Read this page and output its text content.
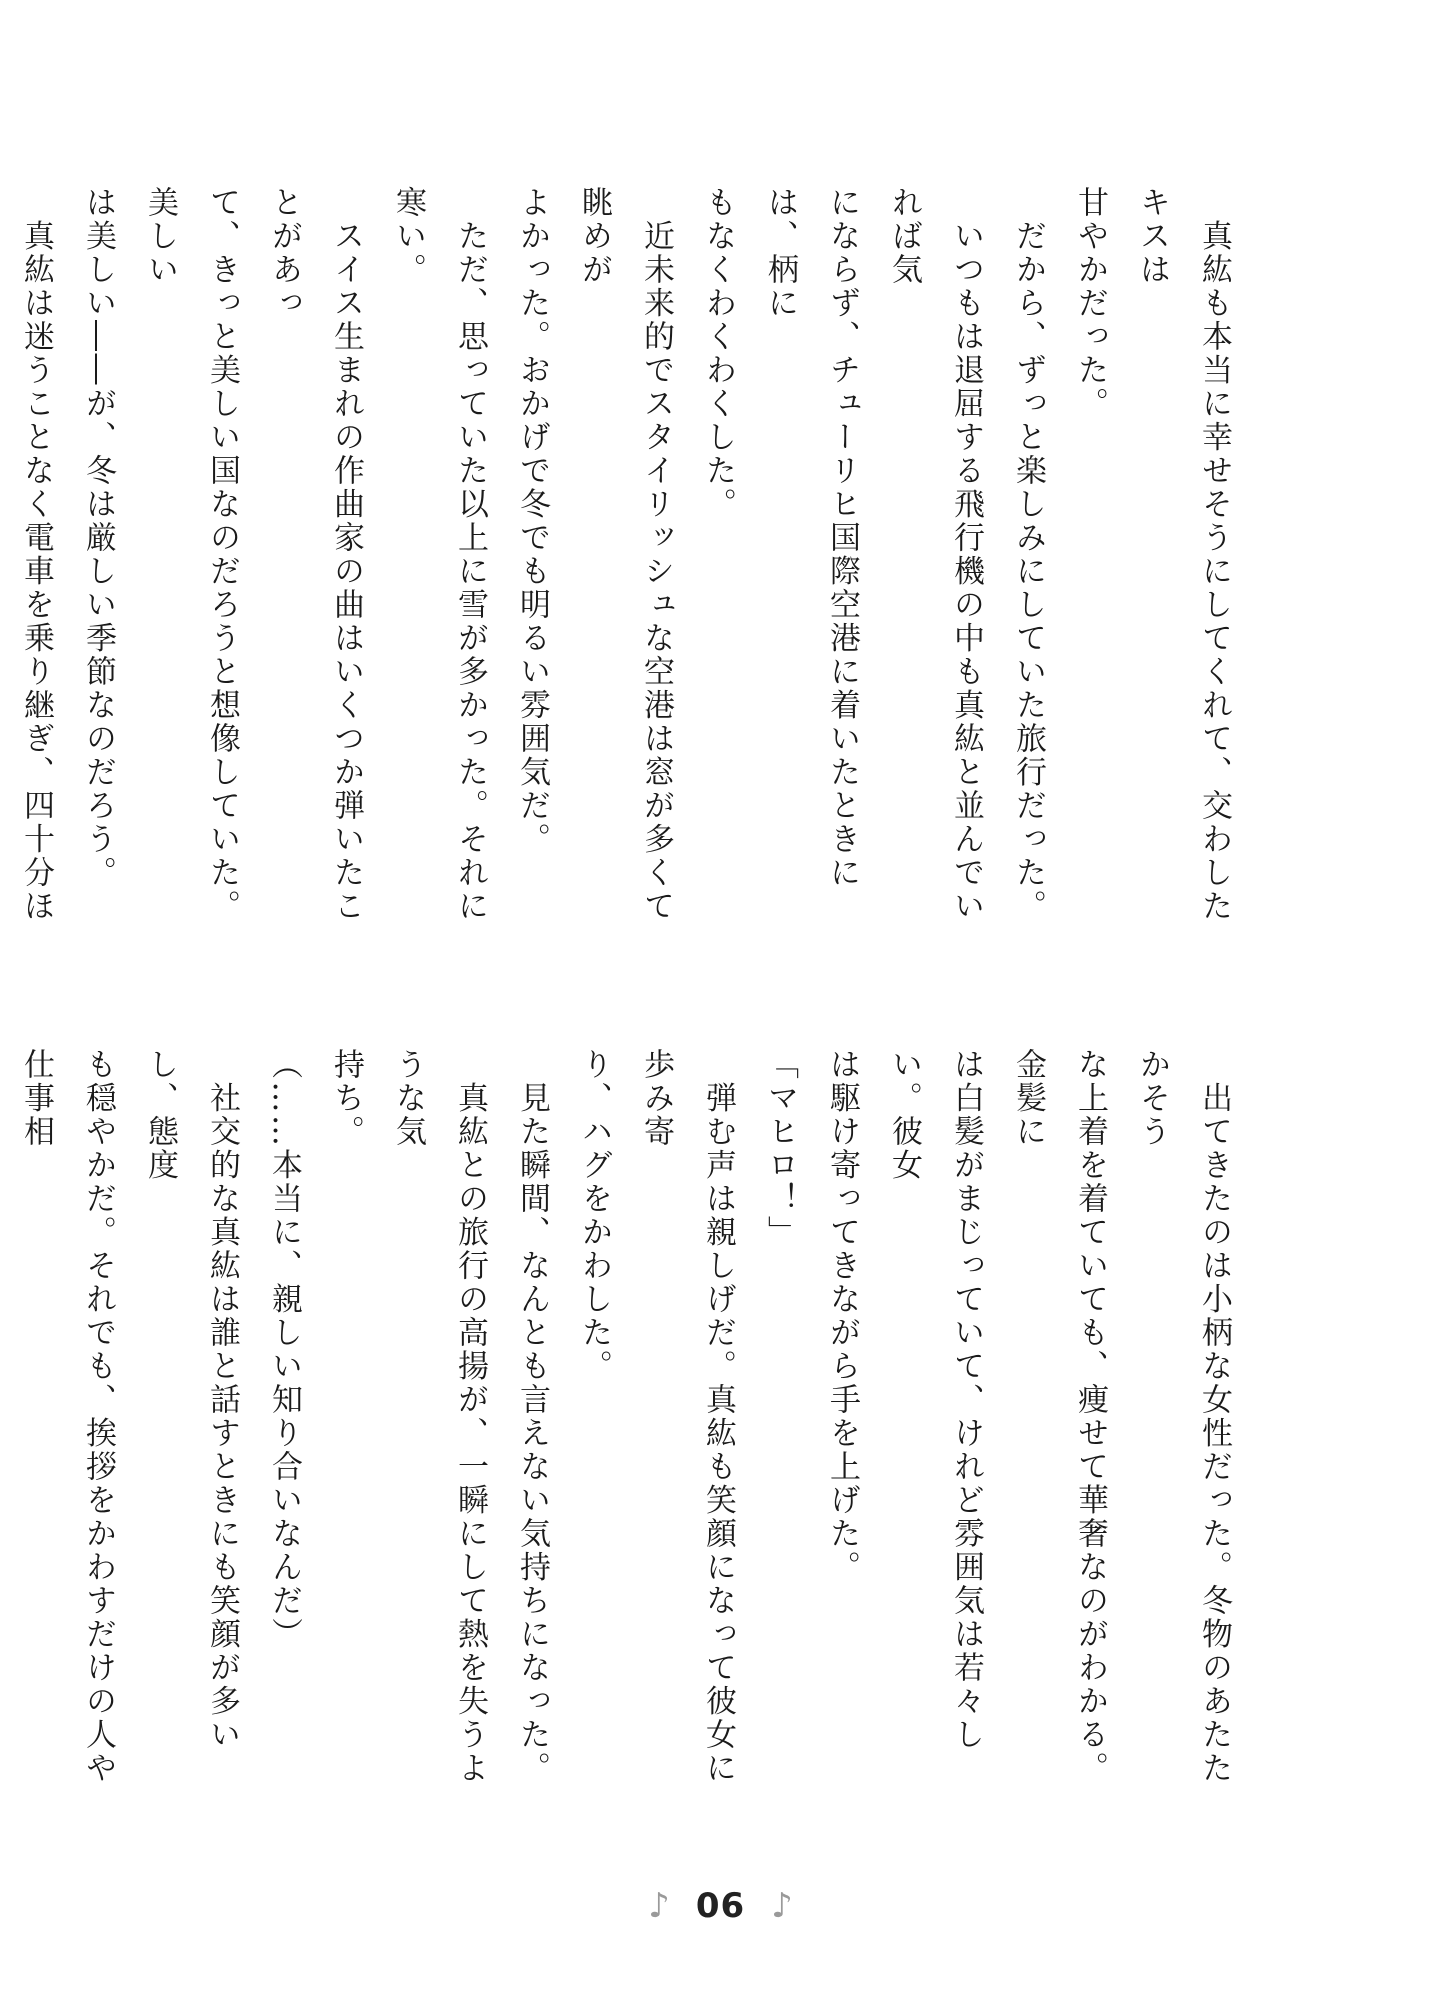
　真紘も本当に幸せそうにしてくれて、交わしたキスは
甘やかだった。
　だから、ずっと楽しみにしていた旅行だった。
　いつもは退屈する飛行機の中も真紘と並んでいれば気
にならず、チューリヒ国際空港に着いたときには、柄に
もなくわくわくした。
　近未来的でスタイリッシュな空港は窓が多くて眺めが
よかった。おかげで冬でも明るい雰囲気だ。
　ただ、思っていた以上に雪が多かった。それに寒い。
　スイス生まれの作曲家の曲はいくつか弾いたことがあっ
て、きっと美しい国なのだろうと想像していた。美しい
は美しい――が、冬は厳しい季節なのだろう。
　真紘は迷うことなく電車を乗り継ぎ、四十分ほ
　出てきたのは小柄な女性だった。冬物のあたたかそう
な上着を着ていても、痩せて華奢なのがわかる。金髪に
は白髪がまじっていて、けれど雰囲気は若々しい。彼女
は駆け寄ってきながら手を上げた。
「マヒロ！」
　弾む声は親しげだ。真紘も笑顔になって彼女に歩み寄
り、ハグをかわした。
　見た瞬間、なんとも言えない気持ちになった。
　真紘との旅行の高揚が、一瞬にして熱を失うような気
持ち。
（……本当に、親しい知り合いなんだ）
　社交的な真紘は誰と話すときにも笑顔が多いし、態度
も穏やかだ。それでも、挨拶をかわすだけの人や仕事相
♪ 06 ♪
